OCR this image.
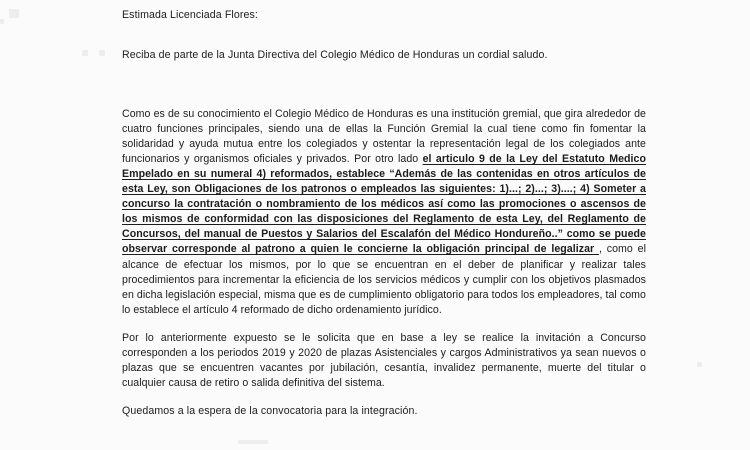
Estimada Licenciada Flores:
Reciba de parte de la Junta Directiva del Colegio Médico de Honduras un cordial saludo.

Como es de su conocimiento el Colegio Médico de Honduras es una institución gremial, que gira alrededor de cuatro funciones principales, siendo una de ellas la Función Gremial la cual tiene como fin fomentar la solidaridad y ayuda mutua entre los colegiados y ostentar la representación legal de los colegiados ante funcionarios y organismos oficiales y privados. Por otro lado el articulo 9 de la Ley del Estatuto Medico Empelado en su numeral 4) reformados, establece “Además de las contenidas en otros artículos de esta Ley, son Obligaciones de los patronos o empleados las siguientes: 1)...; 2)...; 3)....; 4) Someter a concurso la contratación o nombramiento de los médicos así como las promociones o ascensos de los mismos de conformidad con las disposiciones del Reglamento de esta Ley, del Reglamento de Concursos, del manual de Puestos y Salarios del Escalafón del Médico Hondureño..” como se puede observar corresponde al patrono a quien le concierne la obligación principal de legalizar , como el alcance de efectuar los mismos, por lo que se encuentran en el deber de planificar y realizar tales procedimientos para incrementar la eficiencia de los servicios médicos y cumplir con los objetivos plasmados en dicha legislación especial, misma que es de cumplimiento obligatorio para todos los empleadores, tal como lo establece el artículo 4 reformado de dicho ordenamiento jurídico.

Por lo anteriormente expuesto se le solicita que en base a ley se realice la invitación a Concurso corresponden a los periodos 2019 y 2020 de plazas Asistenciales y cargos Administrativos ya sean nuevos o plazas que se encuentren vacantes por jubilación, cesantía, invalidez permanente, muerte del titular o cualquier causa de retiro o salida definitiva del sistema.

Quedamos a la espera de la convocatoria para la integración.
